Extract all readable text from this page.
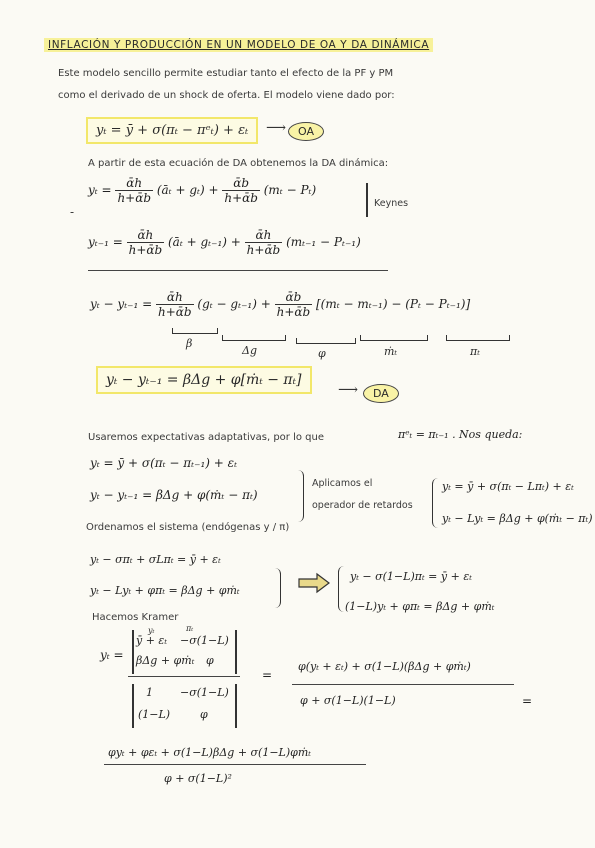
INFLACIÓN Y PRODUCCIÓN EN UN MODELO DE OA Y DA DINÁMICA
Este modelo sencillo permite estudiar tanto el efecto de la PF y PM
como el derivado de un shock de oferta. El modelo viene dado por:
yₜ = ȳ + σ(πₜ − πᵉₜ) + εₜ	⟶	OA
A partir de esta ecuación de DA obtenemos la DA dinámica:
$y_t = \frac{\alphāh}{h+\alphāb}$ (āₜ + $g_t) + \frac{\alphāb}{h+\alphāb} (m_t - P_t)$
Keynes
-
$y_{t-1} = \frac{\alphāh}{h+\alphāb}$ (āₜ + $g_{t-1}) + \frac{\alphāh}{h+\alphāb} (m_{t-1} - P_{t-1})$
$y_t - y_{t-1} = \frac{\alphāh}{h+\alphāb} (g_t - g_{t-1}) + \frac{\alphāb}{h+\alphāb} [(m_t - m_{t-1}) - (P_t - P_{t-1})]$
β
Δg	φ	ṁₜ	πₜ
yₜ − yₜ₋₁ = βΔg + φ[ṁₜ − πₜ]
⟶	DA
Usaremos expectativas adaptativas, por lo que	πᵉₜ = πₜ₋₁ . Nos queda:
yₜ = ȳ + σ(πₜ − πₜ₋₁) + εₜ
yₜ − yₜ₋₁ = βΔg + φ(ṁₜ − πₜ)
Aplicamos el
operador de retardos
yₜ = ȳ + σ(πₜ − Lπₜ) + εₜ
yₜ − Lyₜ = βΔg + φ(ṁₜ − πₜ)
Ordenamos el sistema (endógenas y / π)
yₜ − σπₜ + σLπₜ = ȳ + εₜ
yₜ − Lyₜ + φπₜ = βΔg + φṁₜ
yₜ − σ(1−L)πₜ = ȳ + εₜ
(1−L)yₜ + φπₜ = βΔg + φṁₜ
Hacemos Kramer
yₜ	πₜ
yₜ =
ȳ + εₜ −σ(1−L)
βΔg + φṁₜ φ
1 −σ(1−L)
(1−L)	φ
=
φ(yₜ + εₜ) + σ(1−L)(βΔg + φṁₜ)
φ + σ(1−L)(1−L)	=
φyₜ + φεₜ + σ(1−L)βΔg + σ(1−L)φṁₜ
φ + σ(1−L)²
